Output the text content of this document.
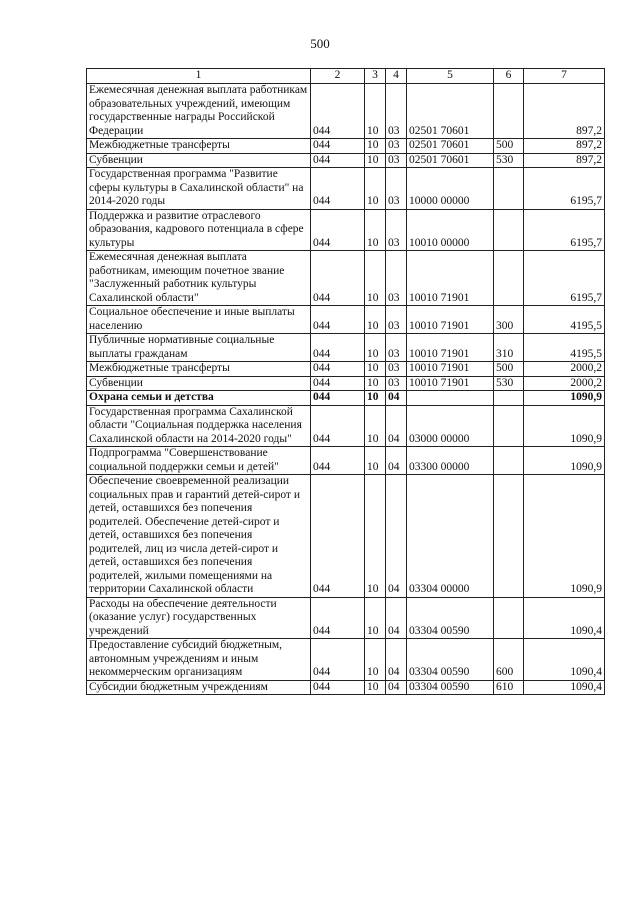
500
1	2	3	4	5	6	7
Ежемесячная денежная выплата работникам образовательных учреждений, имеющим государственные награды Российской Федерации	044	10	03	02501 70601		897,2
Межбюджетные трансферты	044	10	03	02501 70601	500	897,2
Субвенции	044	10	03	02501 70601	530	897,2
Государственная программа "Развитие сферы культуры в Сахалинской области" на 2014-2020 годы	044	10	03	10000 00000		6195,7
Поддержка и развитие отраслевого образования, кадрового потенциала в сфере культуры	044	10	03	10010 00000		6195,7
Ежемесячная денежная выплата работникам, имеющим почетное звание "Заслуженный работник культуры Сахалинской области"	044	10	03	10010 71901		6195,7
Социальное обеспечение и иные выплаты населению	044	10	03	10010 71901	300	4195,5
Публичные нормативные социальные выплаты гражданам	044	10	03	10010 71901	310	4195,5
Межбюджетные трансферты	044	10	03	10010 71901	500	2000,2
Субвенции	044	10	03	10010 71901	530	2000,2
Охрана семьи и детства	044	10	04			1090,9
Государственная программа Сахалинской области "Социальная поддержка населения Сахалинской области на 2014-2020 годы"	044	10	04	03000 00000		1090,9
Подпрограмма "Совершенствование социальной поддержки семьи и детей"	044	10	04	03300 00000		1090,9
Обеспечение своевременной реализации социальных прав и гарантий детей-сирот и детей, оставшихся без попечения родителей. Обеспечение детей-сирот и детей, оставшихся без попечения родителей, лиц из числа детей-сирот и детей, оставшихся без попечения родителей, жилыми помещениями на территории Сахалинской области	044	10	04	03304 00000		1090,9
Расходы на обеспечение деятельности (оказание услуг) государственных учреждений	044	10	04	03304 00590		1090,4
Предоставление субсидий бюджетным, автономным учреждениям и иным некоммерческим организациям	044	10	04	03304 00590	600	1090,4
Субсидии бюджетным учреждениям	044	10	04	03304 00590	610	1090,4
